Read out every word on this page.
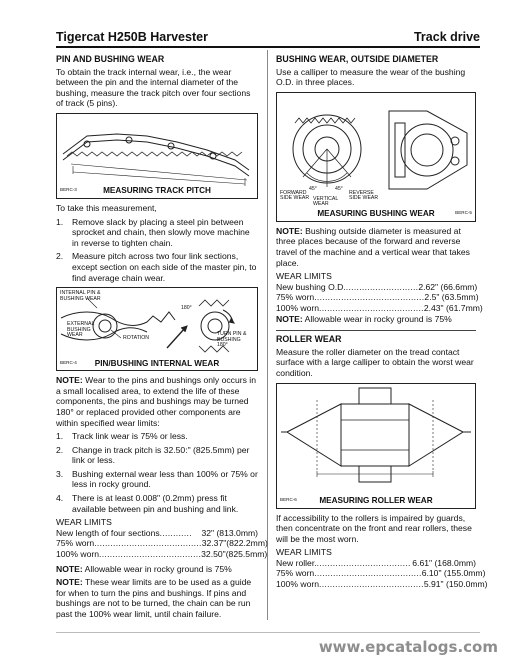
Tigercat H250B Harvester	Track drive
PIN AND BUSHING WEAR

To obtain the track internal wear, i.e., the wear between the pin and the internal diameter of the bushing, measure the track pitch over four sections of track (5 pins).

BERC-3	MEASURING TRACK PITCH

To take this measurement,

1. Remove slack by placing a steel pin between sprocket and chain, then slowly move machine in reverse to tighten chain.
2. Measure pitch across two four link sections, except section on each side of the master pin, to find average chain wear.
INTERNAL PIN & BUSHING WEAR
EXTERNAL BUSHING WEAR	ROTATION
180°
TURN PIN & BUSHING 180°
BERC-4	PIN/BUSHING INTERNAL WEAR

NOTE: Wear to the pins and bushings only occurs in a small localised area, to extend the life of these components, the pins and bushings may be turned 180° or replaced provided other components are within specified wear limits:

1. Track link wear is 75% or less.
2. Change in track pitch is 32.50:" (825.5mm) per link or less.
3. Bushing external wear less than 100% or 75% or less in rocky ground.
4. There is at least 0.008" (0.2mm) press fit available between pin and bushing and link.
WEAR LIMITS
New length of four sections ............	32" (813.0mm)
75% worn ........................................ 32.37"(822.2mm)
100% worn ...................................... 32.50"(825.5mm)

NOTE: Allowable wear in rocky ground is 75%

NOTE: These wear limits are to be used as a guide for when to turn the pins and bushings. If pins and bushings are not to be turned, the chain can be run past the 100% wear limit, until chain failure.

BUSHING WEAR, OUTSIDE DIAMETER

Use a calliper to measure the wear of the bushing O.D. in three places.

45°	45°
FORWARD SIDE WEAR VERTICAL WEAR
REVERSE SIDE WEAR
BERC-5
MEASURING BUSHING WEAR

NOTE: Bushing outside diameter is measured at three places because of the forward and reverse travel of the machine and a vertical wear that takes place.

WEAR LIMITS
New bushing O.D. ........................... 2.62" (66.6mm)
75% worn ......................................... 2.5" (63.5mm)
100% worn ....................................... 2.43" (61.7mm)

NOTE: Allowable wear in rocky ground is 75%

ROLLER WEAR

Measure the roller diameter on the tread contact surface with a large calliper to obtain the worst wear condition.

BERC-6	MEASURING ROLLER WEAR

If accessibility to the rollers is impaired by guards, then concentrate on the front and rear rollers, these will be the most worn.

WEAR LIMITS
New roller. ................................... 6.61" (168.0mm)
75% worn ........................................ 6.10" (155.0mm)
100% worn ....................................... 5.91" (150.0mm)
www.epcatalogs.com
